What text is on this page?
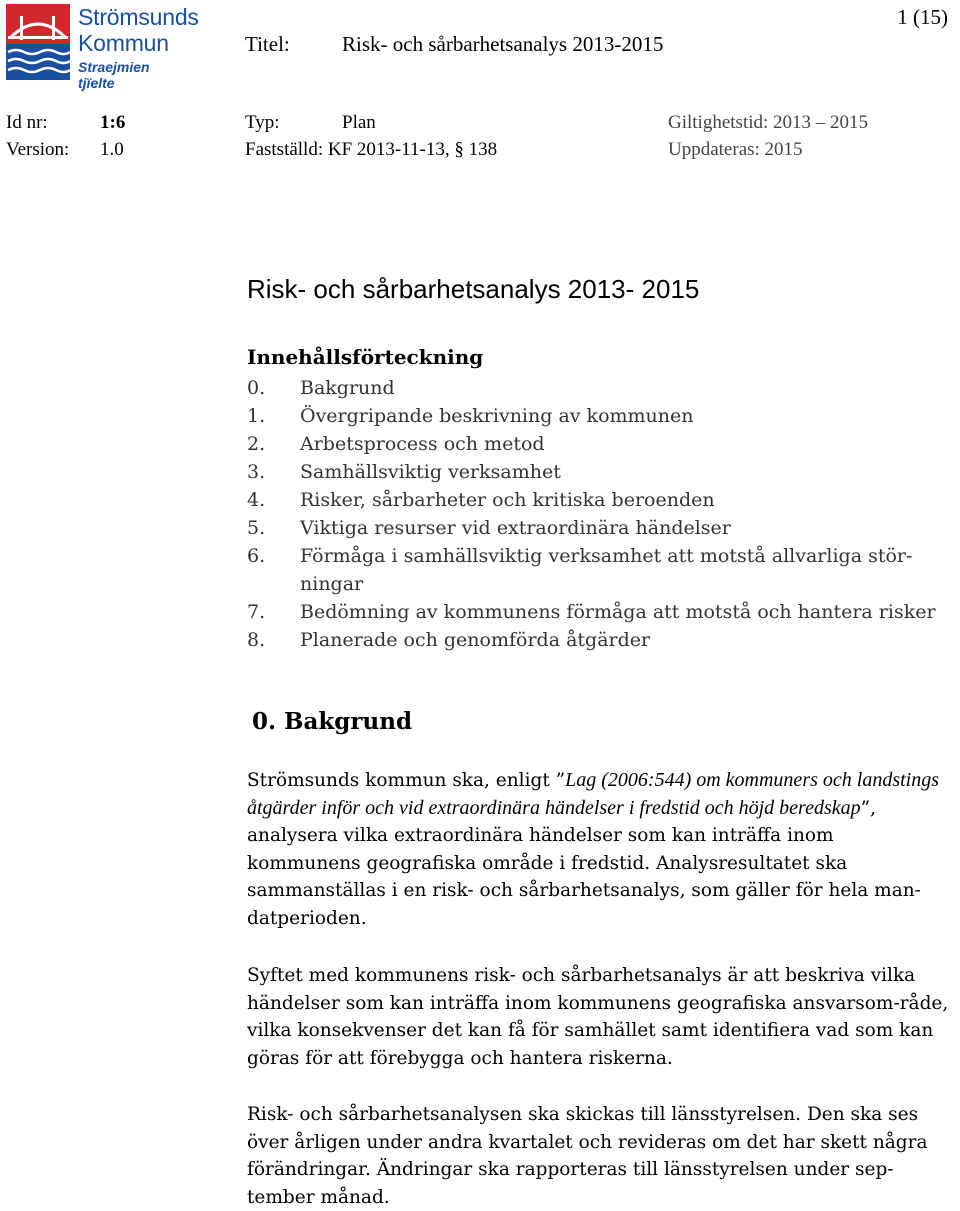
Strömsunds
Kommun
Straejmien tjïelte
Titel: Risk- och sårbarhetsanalys 2013-2015
1 (15)
Id nr:	1:6
Version: 1.0
Typ:	Plan
Fastställd: KF 2013-11-13, § 138
Giltighetstid: 2013 – 2015
Uppdateras: 2015
Risk- och sårbarhetsanalys 2013- 2015
Innehållsförteckning
0.	Bakgrund
1.	Övergripande beskrivning av kommunen
2.	Arbetsprocess och metod
3.	Samhällsviktig verksamhet
4.	Risker, sårbarheter och kritiska beroenden
5.	Viktiga resurser vid extraordinära händelser
6.	Förmåga i samhällsviktig verksamhet att motstå allvarliga stör- ningar
7.	Bedömning av kommunens förmåga att motstå och hantera risker
8.	Planerade och genomförda åtgärder
0. Bakgrund

Strömsunds kommun ska, enligt ”Lag (2006:544) om kommuners och landstings åtgärder inför och vid extraordinära händelser i fredstid och höjd beredskap”, analysera vilka extraordinära händelser som kan inträffa inom kommunens geografiska område i fredstid. Analysresultatet ska sammanställas i en risk- och sårbarhetsanalys, som gäller för hela man-datperioden.

Syftet med kommunens risk- och sårbarhetsanalys är att beskriva vilka händelser som kan inträffa inom kommunens geografiska ansvarsom-råde, vilka konsekvenser det kan få för samhället samt identifiera vad som kan göras för att förebygga och hantera riskerna.

Risk- och sårbarhetsanalysen ska skickas till länsstyrelsen. Den ska ses över årligen under andra kvartalet och revideras om det har skett några förändringar. Ändringar ska rapporteras till länsstyrelsen under sep-tember månad.
